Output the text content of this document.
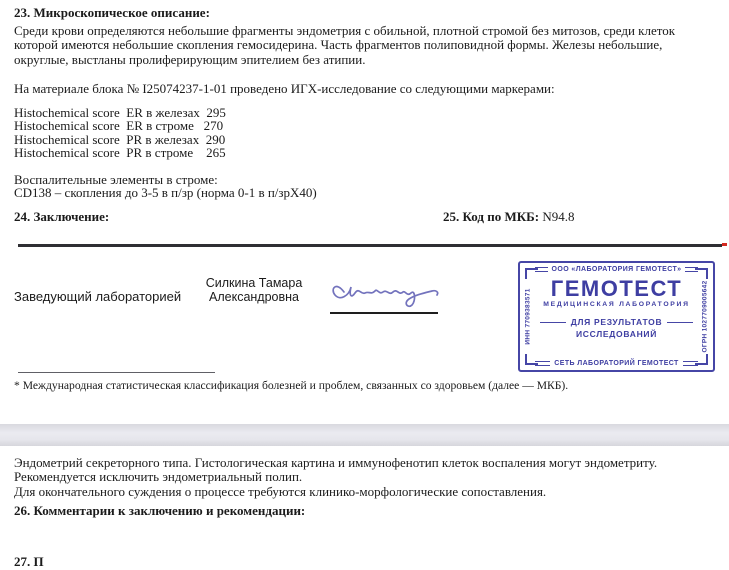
23. Микроскопическое описание:
Среди крови определяются небольшие фрагменты эндометрия с обильной, плотной стромой без митозов, среди клеток которой имеются небольшие скопления гемосидерина. Часть фрагментов полиповидной формы. Железы небольшие, округлые, выстланы пролиферирующим эпителием без атипии.
На материале блока № I25074237-1-01 проведено ИГХ-исследование со следующими маркерами:
Histochemical score  ER в железах  295
Histochemical score  ER в строме   270
Histochemical score  PR в железах  290
Histochemical score  PR в строме    265
Воспалительные элементы в строме:
CD138 – скопления до 3-5 в п/зр (норма 0-1 в п/зрХ40)
24. Заключение:	25. Код по МКБ: N94.8
Заведующий лабораторией
Силкина Тамара
Александровна
ООО «ЛАБОРАТОРИЯ ГЕМОТЕСТ»
ИНН 7709383571	ОГРН 1027709005642
ГЕМОТЕСТ
МЕДИЦИНСКАЯ ЛАБОРАТОРИЯ
ДЛЯ РЕЗУЛЬТАТОВ
ИССЛЕДОВАНИЙ
СЕТЬ ЛАБОРАТОРИЙ ГЕМОТЕСТ
* Международная статистическая классификация болезней и проблем, связанных со здоровьем (далее — МКБ).
Эндометрий секреторного типа. Гистологическая картина и иммунофенотип клеток воспаления могут эндометриту. Рекомендуется исключить эндометриальный полип.
Для окончательного суждения о процессе требуются клинико-морфологические сопоставления.
26. Комментарии к заключению и рекомендации:
27. П
